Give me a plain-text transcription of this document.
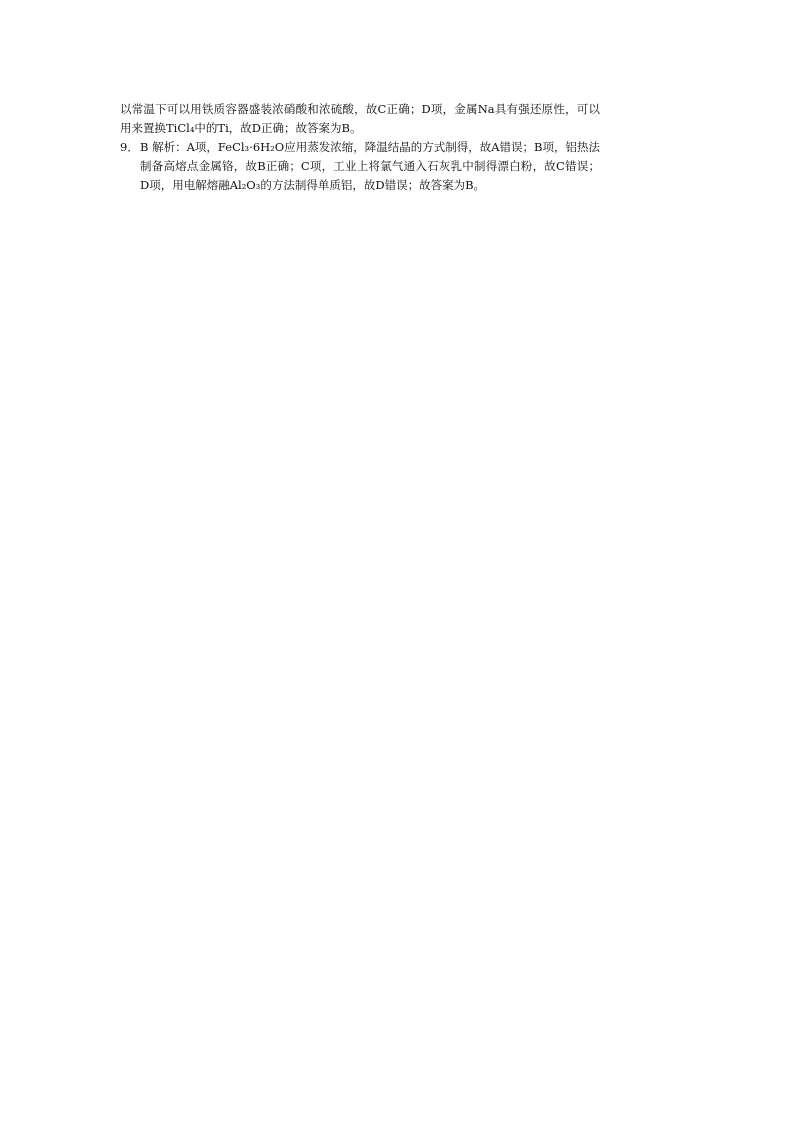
以常温下可以用铁质容器盛装浓硝酸和浓硫酸，故C正确；D项，金属Na具有强还原性，可以用来置换TiCl₄中的Ti，故D正确；故答案为B。
9． B 解析：A项，FeCl₃·6H₂O应用蒸发浓缩，降温结晶的方式制得，故A错误；B项，铝热法制备高熔点金属铬，故B正确；C项，工业上将氯气通入石灰乳中制得漂白粉，故C错误；D项，用电解熔融Al₂O₃的方法制得单质铝，故D错误；故答案为B。
